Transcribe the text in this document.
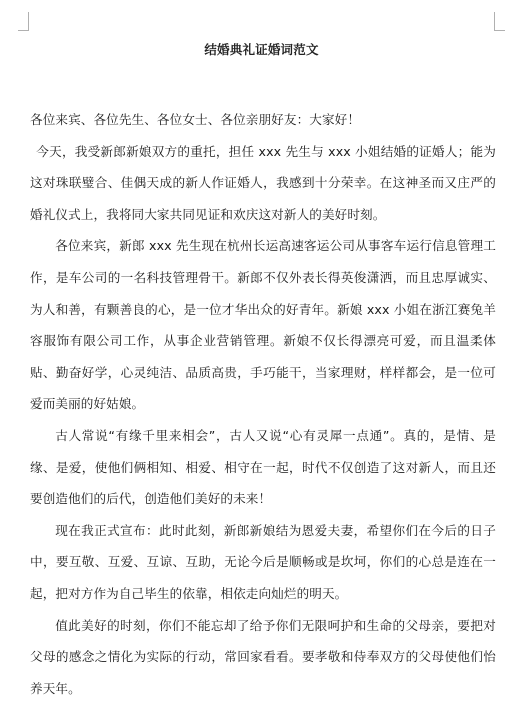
结婚典礼证婚词范文

各位来宾、各位先生、各位女士、各位亲朋好友：大家好！

今天，我受新郎新娘双方的重托，担任 xxx 先生与 xxx 小姐结婚的证婚人；能为这对珠联璧合、佳偶天成的新人作证婚人，我感到十分荣幸。在这神圣而又庄严的婚礼仪式上，我将同大家共同见证和欢庆这对新人的美好时刻。

各位来宾，新郎 xxx 先生现在杭州长运高速客运公司从事客车运行信息管理工作，是车公司的一名科技管理骨干。新郎不仅外表长得英俊潇洒，而且忠厚诚实、为人和善，有颗善良的心，是一位才华出众的好青年。新娘 xxx 小姐在浙江赛兔羊容服饰有限公司工作，从事企业营销管理。新娘不仅长得漂亮可爱，而且温柔体贴、勤奋好学，心灵纯洁、品质高贵，手巧能干，当家理财，样样都会，是一位可爱而美丽的好姑娘。

古人常说“有缘千里来相会”，古人又说“心有灵犀一点通”。真的，是情、是缘、是爱，使他们俩相知、相爱、相守在一起，时代不仅创造了这对新人，而且还要创造他们的后代，创造他们美好的未来！

现在我正式宣布：此时此刻，新郎新娘结为恩爱夫妻，希望你们在今后的日子中，要互敬、互爱、互谅、互助，无论今后是顺畅或是坎坷，你们的心总是连在一起，把对方作为自己毕生的依靠，相依走向灿烂的明天。

值此美好的时刻，你们不能忘却了给予你们无限呵护和生命的父母亲，要把对父母的感念之情化为实际的行动，常回家看看。要孝敬和侍奉双方的父母使他们怡养天年。
